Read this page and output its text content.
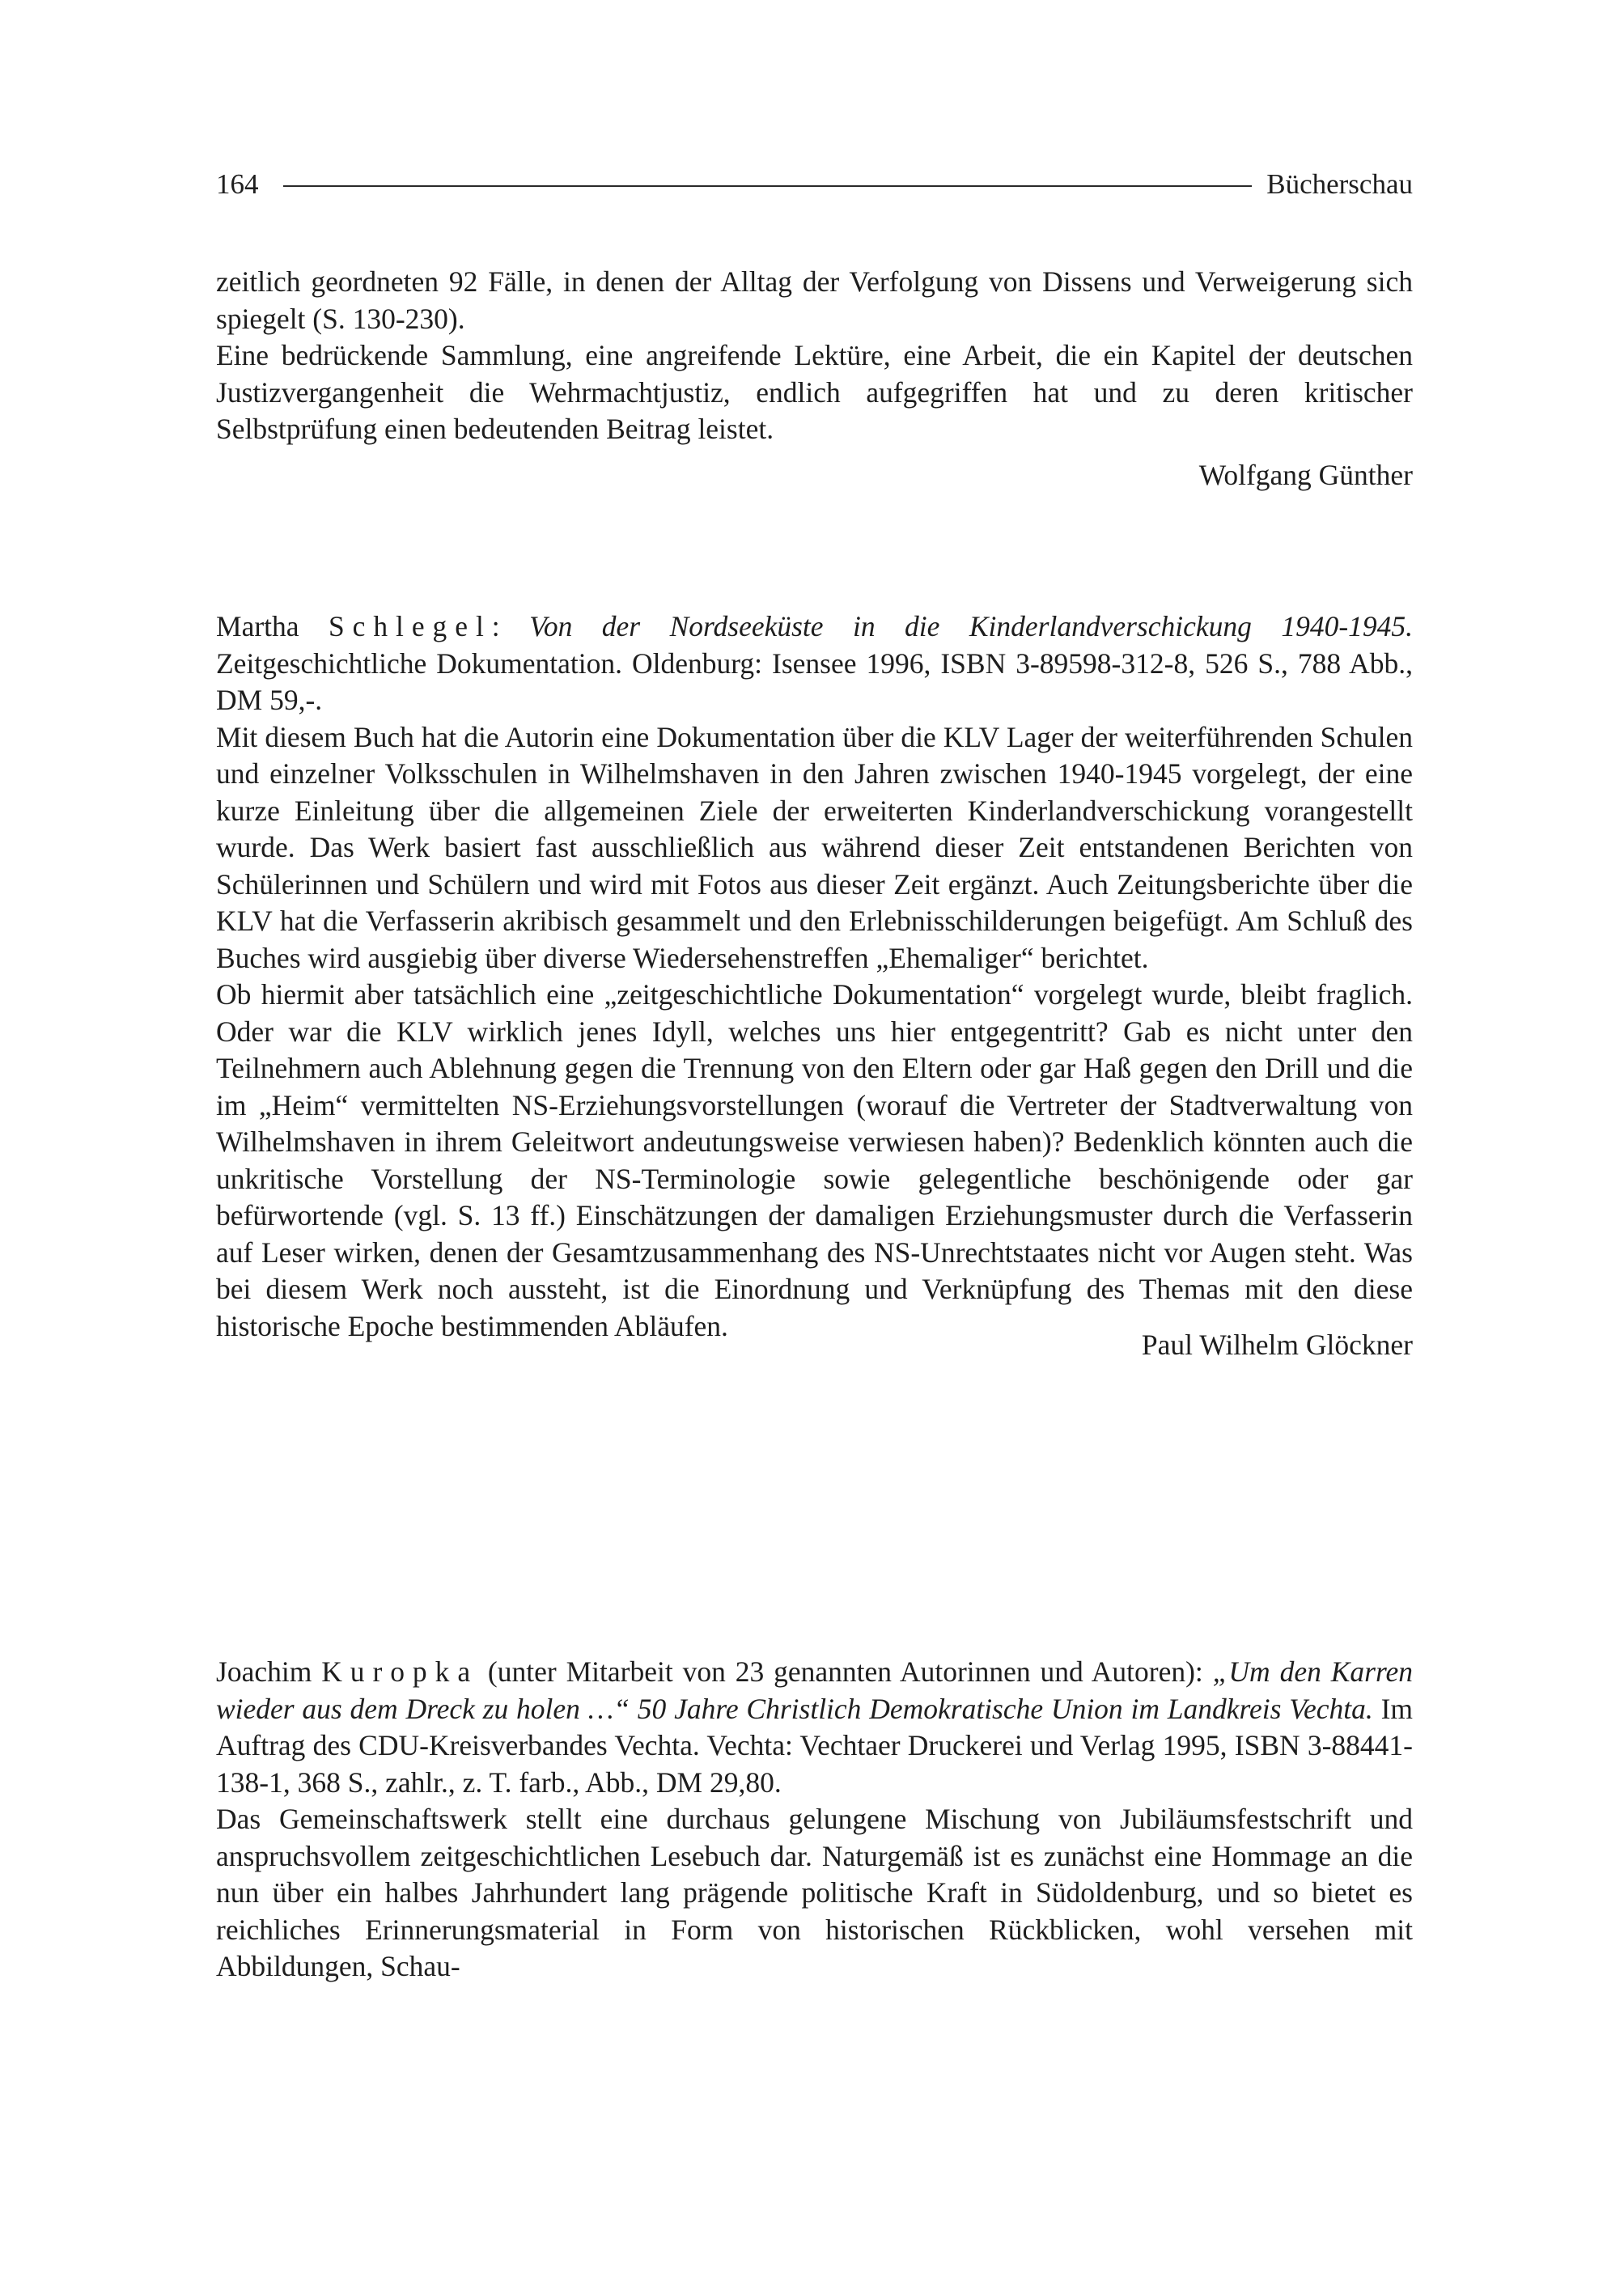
164	Bücherschau

zeitlich geordneten 92 Fälle, in denen der Alltag der Verfolgung von Dissens und Verweigerung sich spiegelt (S. 130-230).

Eine bedrückende Sammlung, eine angreifende Lektüre, eine Arbeit, die ein Kapitel der deutschen Justizvergangenheit die Wehrmachtjustiz, endlich aufgegriffen hat und zu deren kritischer Selbstprüfung einen bedeutenden Beitrag leistet.

Wolfgang Günther

Martha Schlegel: Von der Nordseeküste in die Kinderlandverschickung 1940-1945. Zeitgeschichtliche Dokumentation. Oldenburg: Isensee 1996, ISBN 3-89598-312-8, 526 S., 788 Abb., DM 59,-.

Mit diesem Buch hat die Autorin eine Dokumentation über die KLV Lager der weiterführenden Schulen und einzelner Volksschulen in Wilhelmshaven in den Jahren zwischen 1940-1945 vorgelegt, der eine kurze Einleitung über die allgemeinen Ziele der erweiterten Kinderlandverschickung vorangestellt wurde. Das Werk basiert fast ausschließlich aus während dieser Zeit entstandenen Berichten von Schülerinnen und Schülern und wird mit Fotos aus dieser Zeit ergänzt. Auch Zeitungsberichte über die KLV hat die Verfasserin akribisch gesammelt und den Erlebnisschilderungen beigefügt. Am Schluß des Buches wird ausgiebig über diverse Wiedersehenstreffen „Ehemaliger“ berichtet.

Ob hiermit aber tatsächlich eine „zeitgeschichtliche Dokumentation“ vorgelegt wurde, bleibt fraglich. Oder war die KLV wirklich jenes Idyll, welches uns hier entgegentritt? Gab es nicht unter den Teilnehmern auch Ablehnung gegen die Trennung von den Eltern oder gar Haß gegen den Drill und die im „Heim“ vermittelten NS-Erziehungsvorstellungen (worauf die Vertreter der Stadtverwaltung von Wilhelmshaven in ihrem Geleitwort andeutungsweise verwiesen haben)? Bedenklich könnten auch die unkritische Vorstellung der NS-Terminologie sowie gelegentliche beschönigende oder gar befürwortende (vgl. S. 13 ff.) Einschätzungen der damaligen Erziehungsmuster durch die Verfasserin auf Leser wirken, denen der Gesamtzusammenhang des NS-Unrechtstaates nicht vor Augen steht. Was bei diesem Werk noch aussteht, ist die Einordnung und Verknüpfung des Themas mit den diese historische Epoche bestimmenden Abläufen.

Paul Wilhelm Glöckner

Joachim Kuropka (unter Mitarbeit von 23 genannten Autorinnen und Autoren): „Um den Karren wieder aus dem Dreck zu holen …“ 50 Jahre Christlich Demokratische Union im Landkreis Vechta. Im Auftrag des CDU-Kreisverbandes Vechta. Vechta: Vechtaer Druckerei und Verlag 1995, ISBN 3-88441-138-1, 368 S., zahlr., z. T. farb., Abb., DM 29,80.

Das Gemeinschaftswerk stellt eine durchaus gelungene Mischung von Jubiläumsfestschrift und anspruchsvollem zeitgeschichtlichen Lesebuch dar. Naturgemäß ist es zunächst eine Hommage an die nun über ein halbes Jahrhundert lang prägende politische Kraft in Südoldenburg, und so bietet es reichliches Erinnerungsmaterial in Form von historischen Rückblicken, wohl versehen mit Abbildungen, Schau-
